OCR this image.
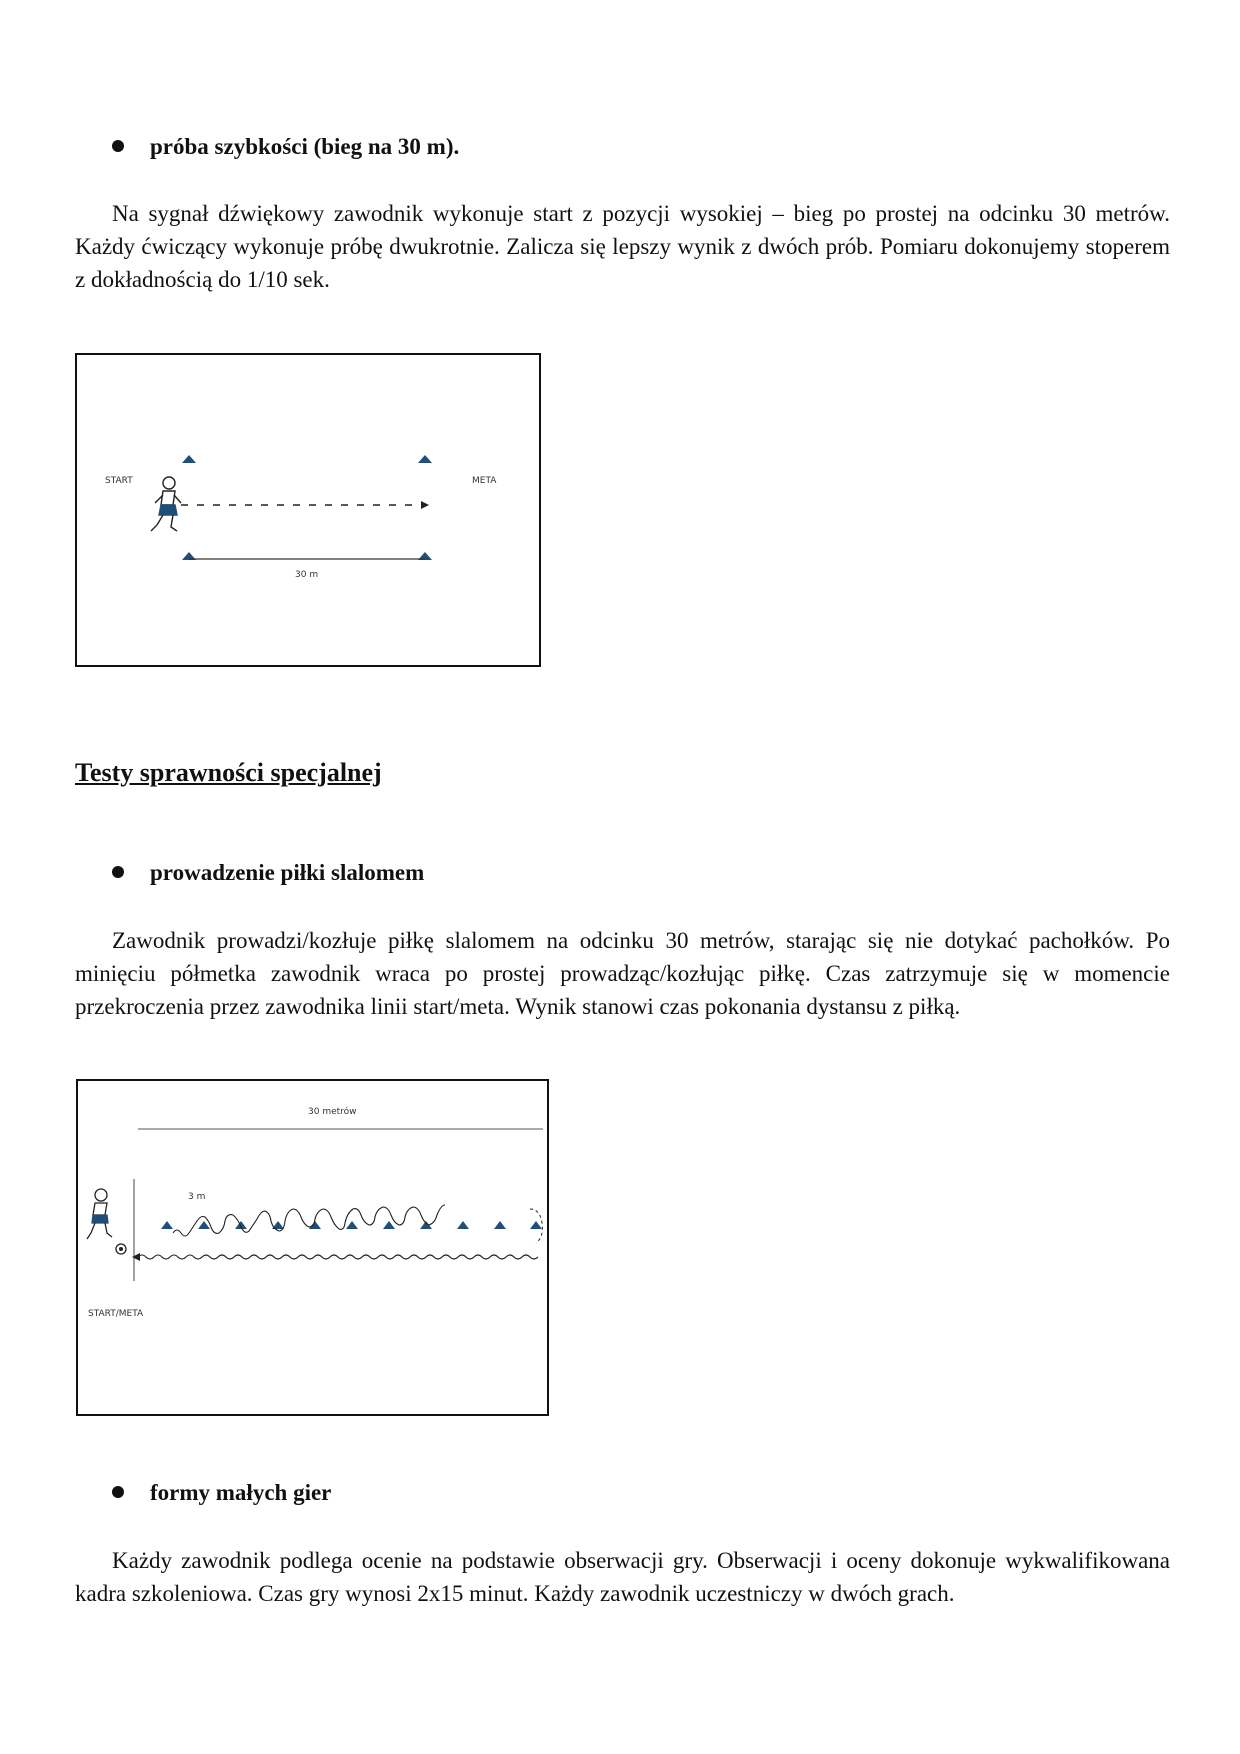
próba szybkości (bieg na 30 m).

Na sygnał dźwiękowy zawodnik wykonuje start z pozycji wysokiej – bieg po prostej na odcinku 30 metrów. Każdy ćwiczący wykonuje próbę dwukrotnie. Zalicza się lepszy wynik z dwóch prób. Pomiaru dokonujemy stoperem z dokładnością do 1/10 sek.

START	META
30 m
Testy sprawności specjalnej
prowadzenie piłki slalomem

Zawodnik prowadzi/kozłuje piłkę slalomem na odcinku 30 metrów, starając się nie dotykać pachołków. Po minięciu półmetka zawodnik wraca po prostej prowadząc/kozłując piłkę. Czas zatrzymuje się w momencie przekroczenia przez zawodnika linii start/meta. Wynik stanowi czas pokonania dystansu z piłką.

30 metrów
3 m
START/META
formy małych gier

Każdy zawodnik podlega ocenie na podstawie obserwacji gry. Obserwacji i oceny dokonuje wykwalifikowana kadra szkoleniowa. Czas gry wynosi 2x15 minut. Każdy zawodnik uczestniczy w dwóch grach.
